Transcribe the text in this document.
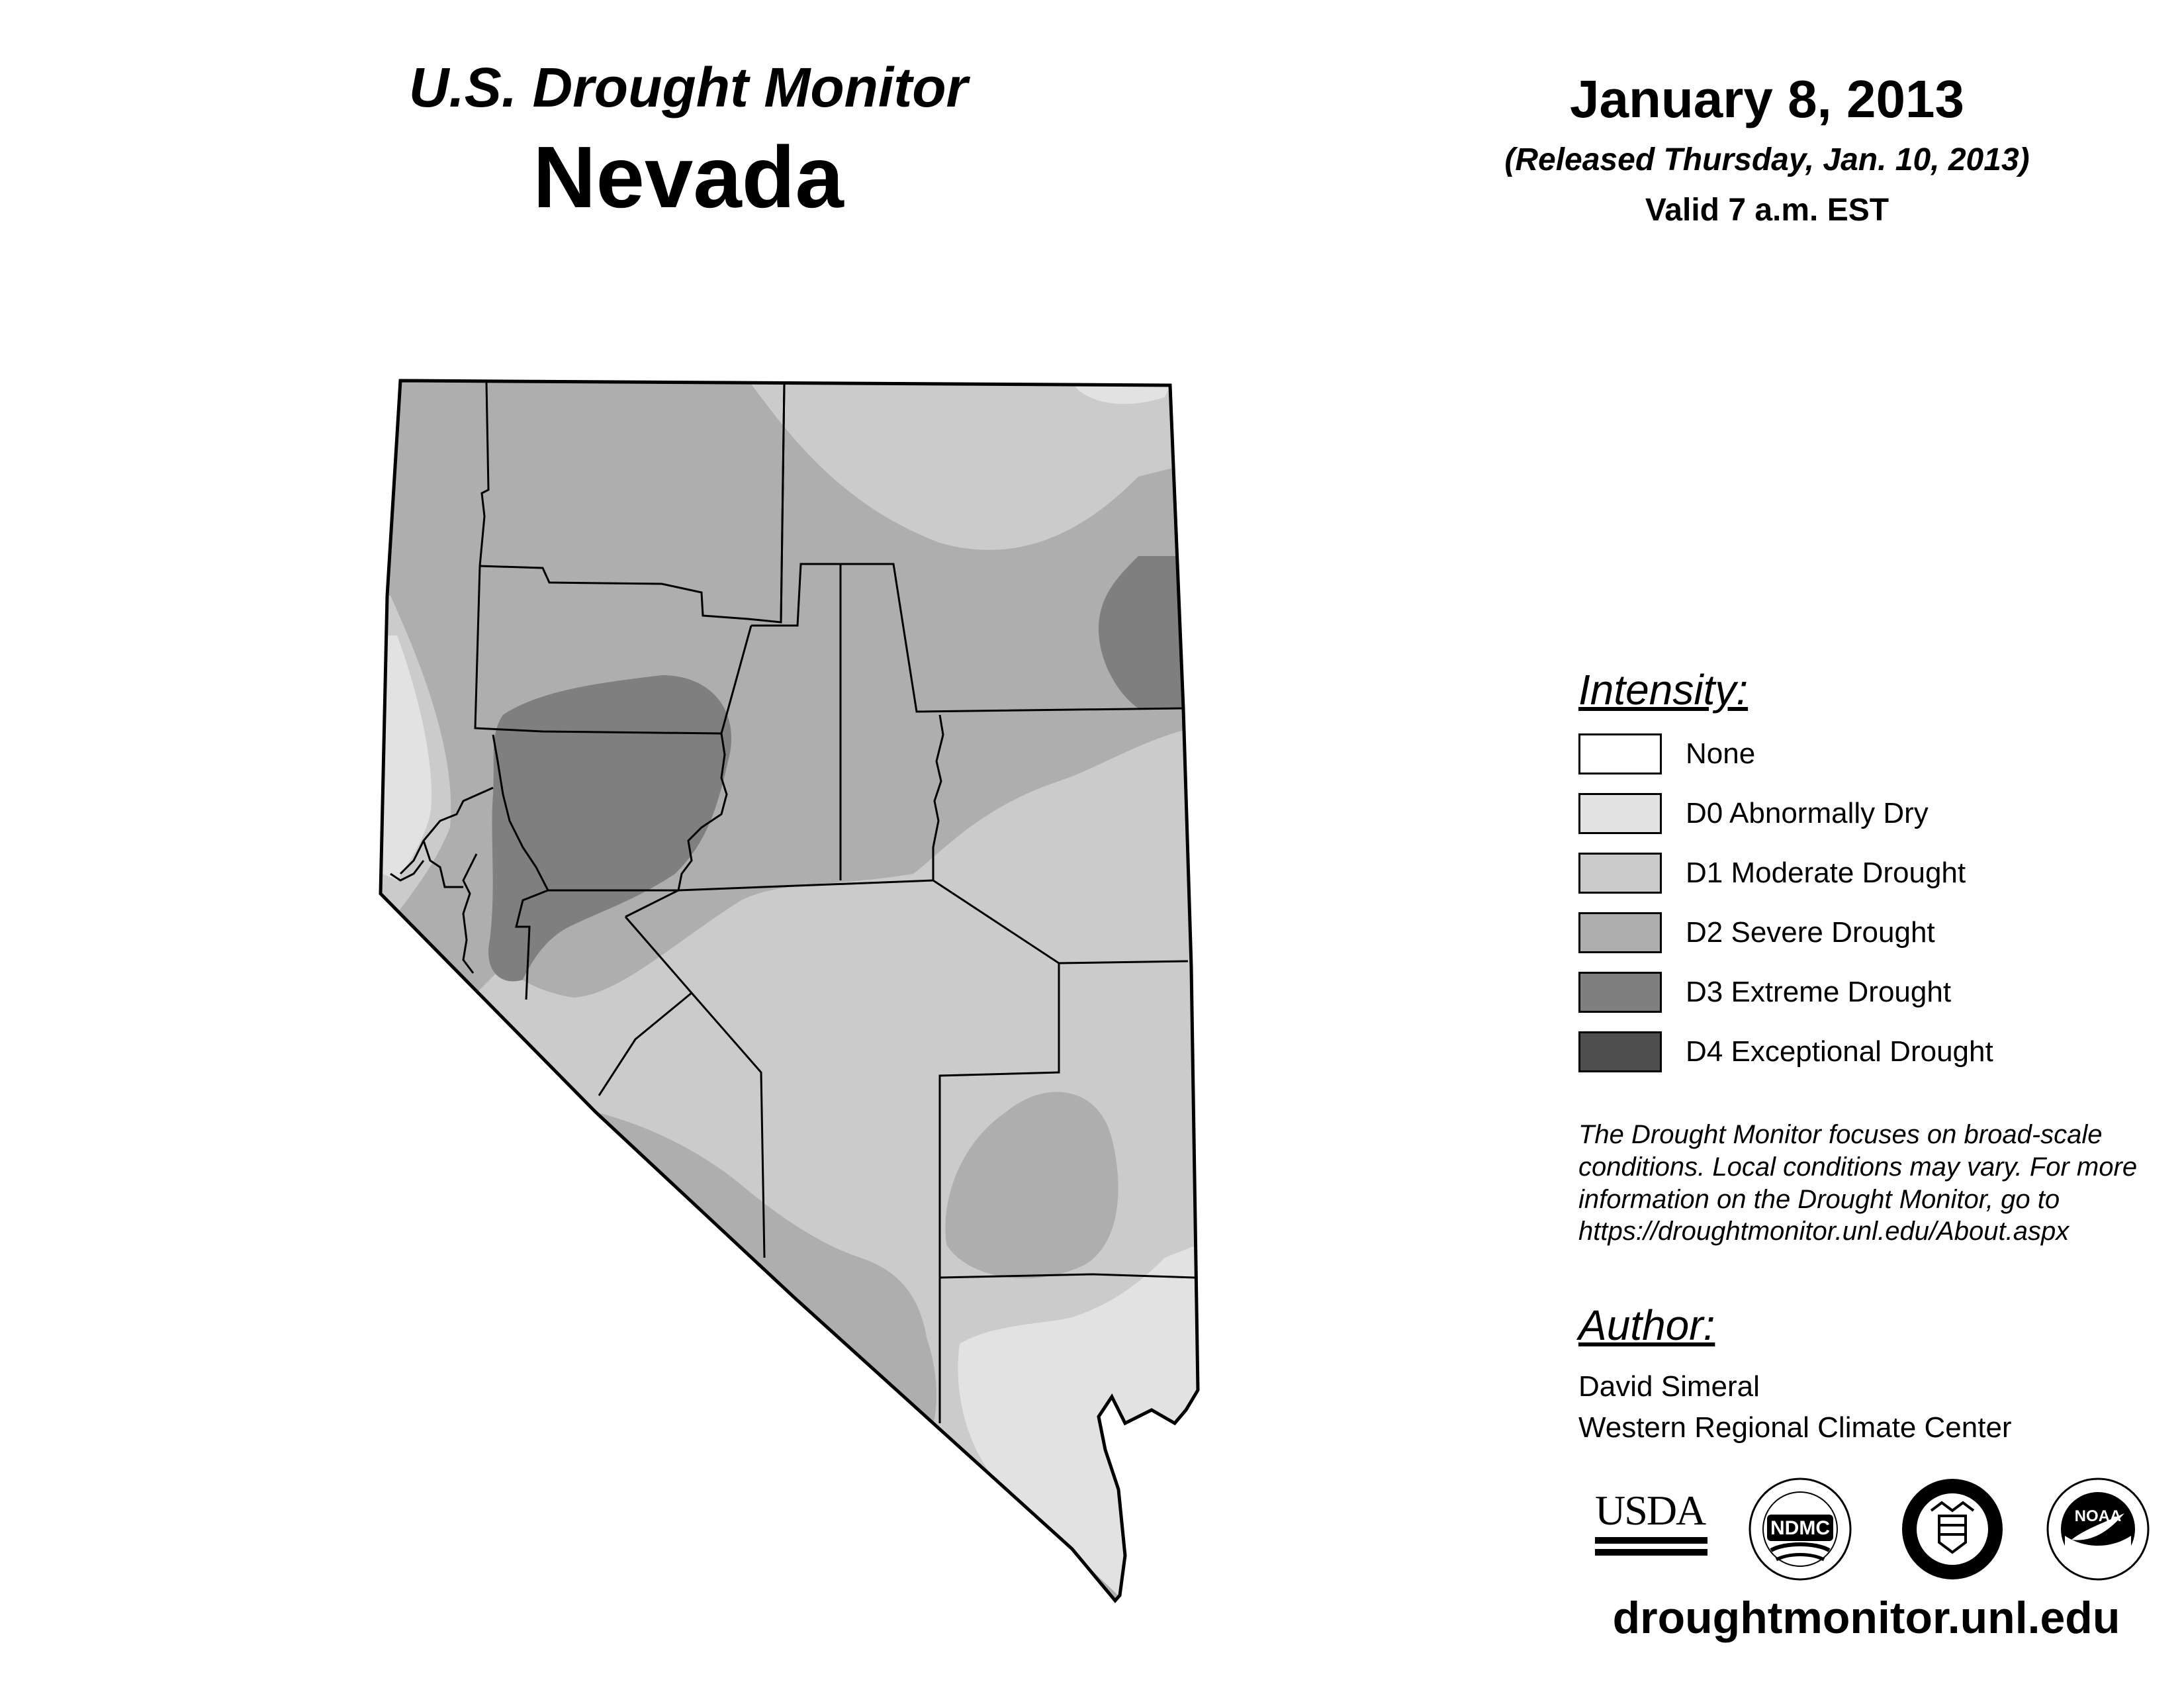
U.S. Drought Monitor
Nevada
January 8, 2013
(Released Thursday, Jan. 10, 2013)
Valid 7 a.m. EST
Intensity:
None
D0 Abnormally Dry
D1 Moderate Drought
D2 Severe Drought
D3 Extreme Drought
D4 Exceptional Drought
The Drought Monitor focuses on broad-scale conditions. Local conditions may vary. For more information on the Drought Monitor, go to https://droughtmonitor.unl.edu/About.aspx
Author:
David Simeral
Western Regional Climate Center
USDA	NDMC
NOAA
droughtmonitor.unl.edu
